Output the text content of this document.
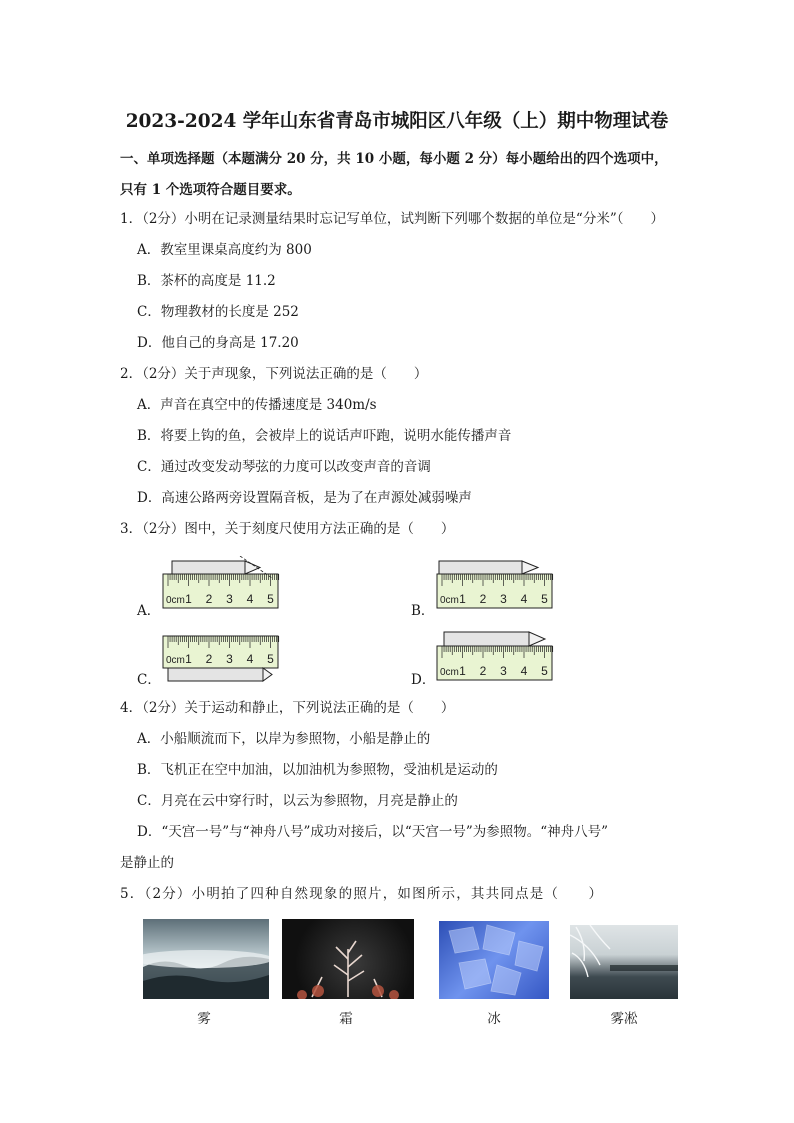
2023-2024 学年山东省青岛市城阳区八年级（上）期中物理试卷
一、单项选择题（本题满分 20 分，共 10 小题，每小题 2 分）每小题给出的四个选项中，
只有 1 个选项符合题目要求。
1．（2分）小明在记录测量结果时忘记写单位，试判断下列哪个数据的单位是“分米”（　　）
A．教室里课桌高度约为 800
B．茶杯的高度是 11.2
C．物理教材的长度是 252
D．他自己的身高是 17.20
2．（2分）关于声现象，下列说法正确的是（　　）
A．声音在真空中的传播速度是 340m/s
B．将要上钩的鱼，会被岸上的说话声吓跑，说明水能传播声音
C．通过改变发动琴弦的力度可以改变声音的音调
D．高速公路两旁设置隔音板，是为了在声源处减弱噪声
3．（2分）图中，关于刻度尺使用方法正确的是（　　）
A．	B．
C．	D．
0cm 1 2 3 4 5	0cm 1 2 3 4 5
0cm 1 2 3 4 5
0cm 1 2 3 4 5
4．（2分）关于运动和静止，下列说法正确的是（　　）
A．小船顺流而下，以岸为参照物，小船是静止的
B．飞机正在空中加油，以加油机为参照物，受油机是运动的
C．月亮在云中穿行时，以云为参照物，月亮是静止的
D．“天宫一号”与“神舟八号”成功对接后，以“天宫一号”为参照物。“神舟八号”
是静止的
5．（2分）小明拍了四种自然现象的照片，如图所示，其共同点是（　　）
雾	霜	冰	雾凇
